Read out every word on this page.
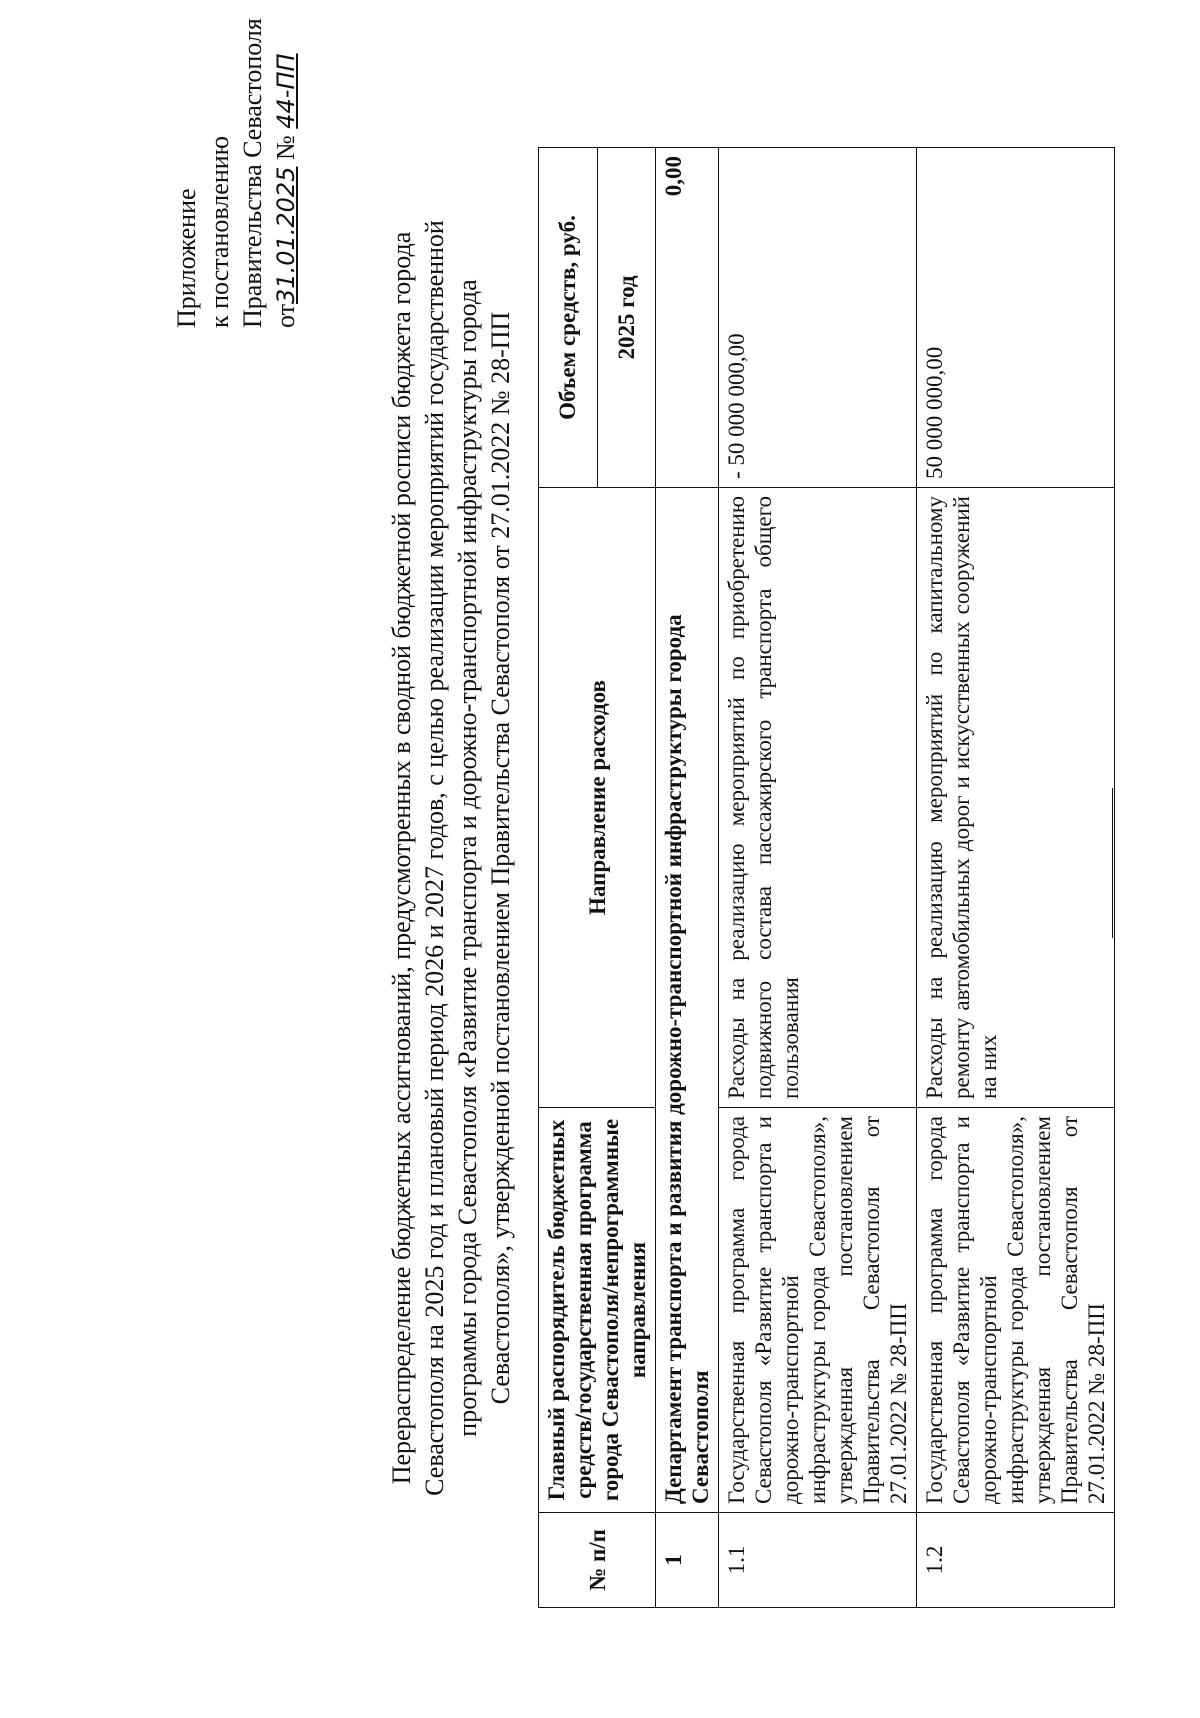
Приложение к постановлению Правительства Севастополя от31.01.2025 № 44-ПП
Перераспределение бюджетных ассигнований, предусмотренных в сводной бюджетной росписи бюджета города Севастополя на 2025 год и плановый период 2026 и 2027 годов, с целью реализации мероприятий государственной программы города Севастополя «Развитие транспорта и дорожно-транспортной инфраструктуры города Севастополя», утвержденной постановлением Правительства Севастополя от 27.01.2022 № 28-ПП
№ п/п	Главный распорядитель бюджетных средств/государственная программа города Севастополя/непрограммные направления	Направление расходов	Объем средств, руб.
			2025 год
1	Департамент транспорта и развития дорожно-транспортной инфраструктуры города Севастополя		0,00
1.1	Государственная программа города Севастополя «Развитие транспорта и дорожно-транспортной инфраструктуры города Севастополя», утвержденная постановлением Правительства Севастополя от 27.01.2022 № 28-ПП	Расходы на реализацию мероприятий по приобретению подвижного состава пассажирского транспорта общего пользования	- 50 000 000,00
1.2	Государственная программа города Севастополя «Развитие транспорта и дорожно-транспортной инфраструктуры города Севастополя», утвержденная постановлением Правительства Севастополя от 27.01.2022 № 28-ПП	Расходы на реализацию мероприятий по капитальному ремонту автомобильных дорог и искусственных сооружений на них	50 000 000,00
